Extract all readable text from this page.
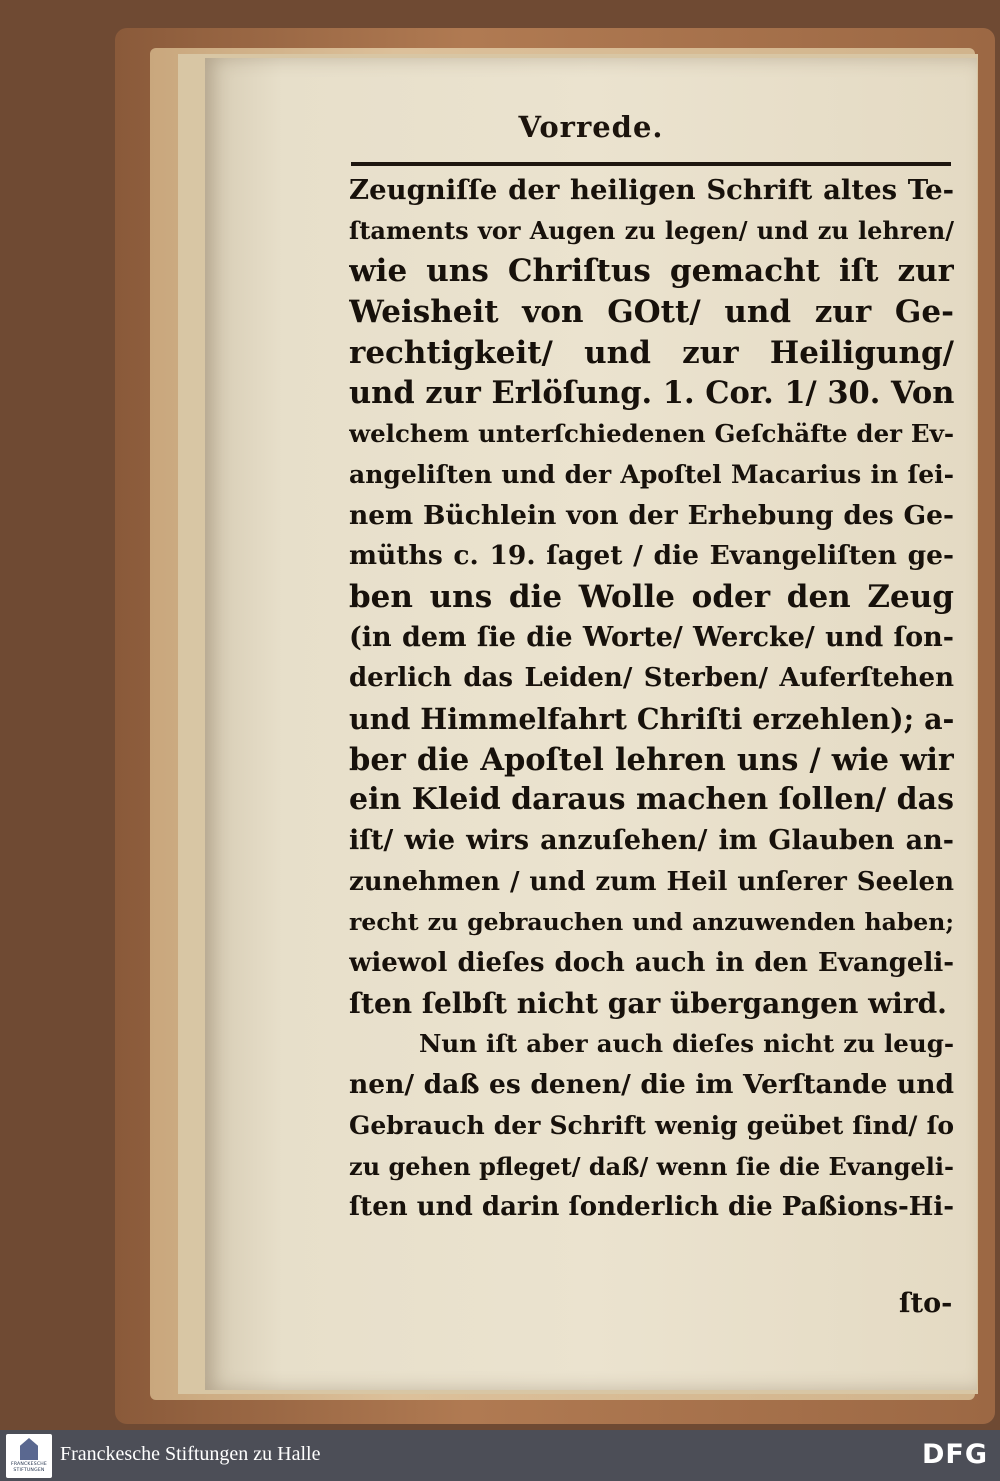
Vorrede.
Zeugniſſe der heiligen Schrift altes Te-
ſtaments vor Augen zu legen/ und zu lehren/
wie uns Chriſtus gemacht iſt zur
Weisheit von GOtt/ und zur Ge-
rechtigkeit/ und zur Heiligung/
und zur Erlöſung. 1. Cor. 1/ 30. Von
welchem unterſchiedenen Geſchäfte der Ev-
angeliſten und der Apoſtel Macarius in ſei-
nem Büchlein von der Erhebung des Ge-
müths c. 19. ſaget / die Evangeliſten ge-
ben uns die Wolle oder den Zeug
(in dem ſie die Worte/ Wercke/ und ſon-
derlich das Leiden/ Sterben/ Auferſtehen
und Himmelfahrt Chriſti erzehlen); a-
ber die Apoſtel lehren uns / wie wir
ein Kleid daraus machen ſollen/ das
iſt/ wie wirs anzuſehen/ im Glauben an-
zunehmen / und zum Heil unſerer Seelen
recht zu gebrauchen und anzuwenden haben;
wiewol dieſes doch auch in den Evangeli-
ſten ſelbſt nicht gar übergangen wird.
Nun iſt aber auch dieſes nicht zu leug-
nen/ daß es denen/ die im Verſtande und
Gebrauch der Schrift wenig geübet ſind/ ſo
zu gehen pfleget/ daß/ wenn ſie die Evangeli-
ſten und darin ſonderlich die Paßions-Hi-
ſto-
FRANCKESCHE
STIFTUNGEN
Franckesche Stiftungen zu Halle	DFG
